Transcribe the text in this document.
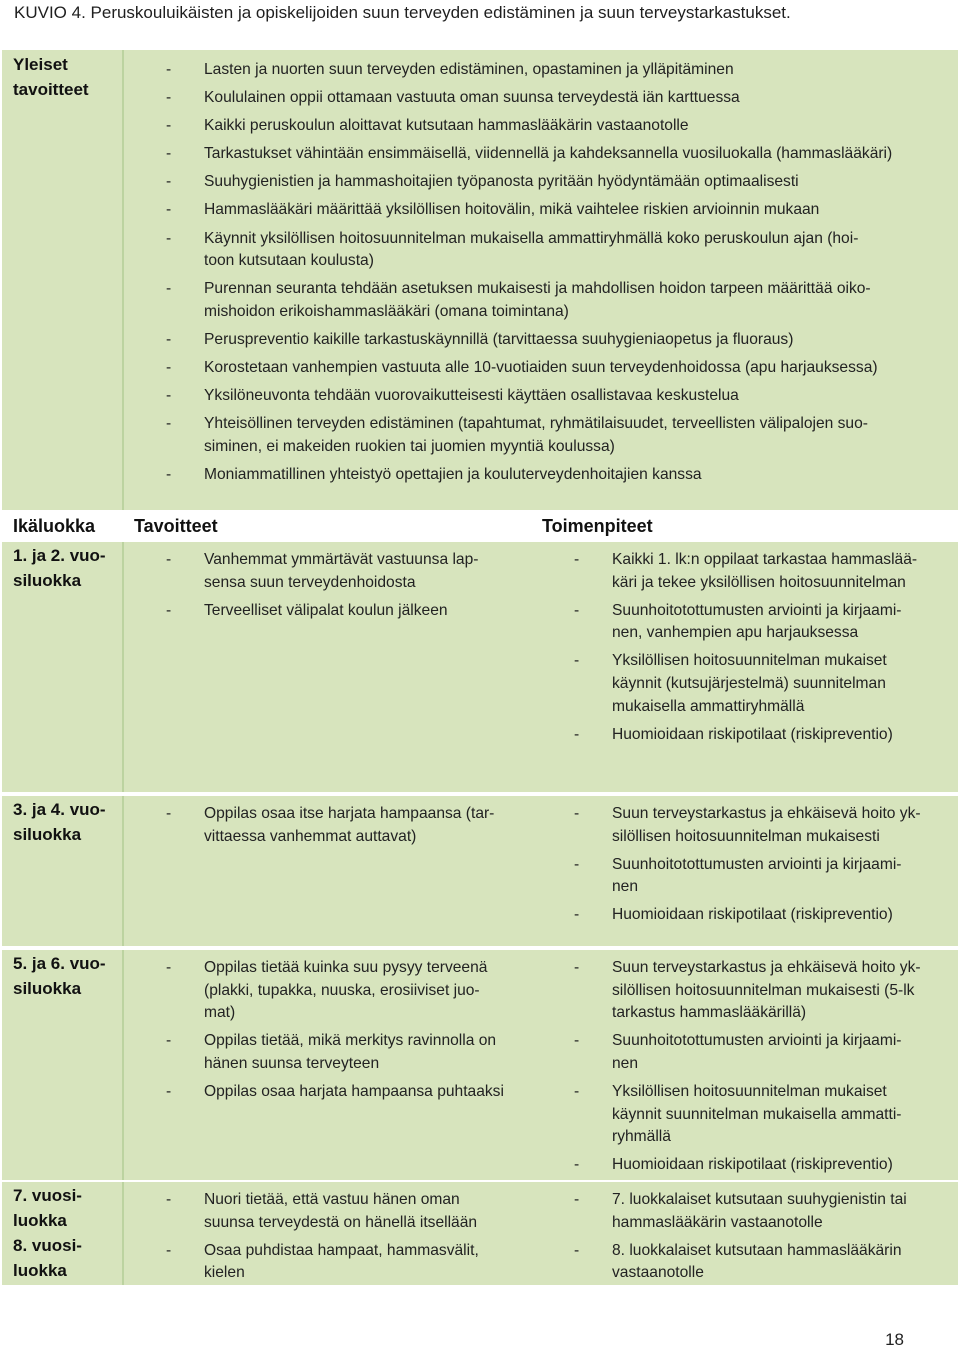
KUVIO 4. Peruskouluikäisten ja opiskelijoiden suun terveyden edistäminen ja suun terveystarkastukset.
Yleiset
tavoitteet
- Lasten ja nuorten suun terveyden edistäminen, opastaminen ja ylläpitäminen
- Koululainen oppii ottamaan vastuuta oman suunsa terveydestä iän karttuessa
- Kaikki peruskoulun aloittavat kutsutaan hammaslääkärin vastaanotolle
- Tarkastukset vähintään ensimmäisellä, viidennellä ja kahdeksannella vuosiluokalla (hammaslääkäri)
- Suuhygienistien ja hammashoitajien työpanosta pyritään hyödyntämään optimaalisesti
- Hammaslääkäri määrittää yksilöllisen hoitovälin, mikä vaihtelee riskien arvioinnin mukaan
- Käynnit yksilöllisen hoitosuunnitelman mukaisella ammattiryhmällä koko peruskoulun ajan (hoi-
toon kutsutaan koulusta)
- Purennan seuranta tehdään asetuksen mukaisesti ja mahdollisen hoidon tarpeen määrittää oiko-
mishoidon erikoishammaslääkäri (omana toimintana)
- Peruspreventio kaikille tarkastuskäynnillä (tarvittaessa suuhygieniaopetus ja fluoraus)
- Korostetaan vanhempien vastuuta alle 10-vuotiaiden suun terveydenhoidossa (apu harjauksessa)
- Yksilöneuvonta tehdään vuorovaikutteisesti käyttäen osallistavaa keskustelua
- Yhteisöllinen terveyden edistäminen (tapahtumat, ryhmätilaisuudet, terveellisten välipalojen suo-
siminen, ei makeiden ruokien tai juomien myyntiä koulussa)
- Moniammatillinen yhteistyö opettajien ja kouluterveydenhoitajien kanssa
Ikäluokka Tavoitteet	Toimenpiteet
1. ja 2. vuo-
siluokka
- Vanhemmat ymmärtävät vastuunsa lap-
sensa suun terveydenhoidosta
- Terveelliset välipalat koulun jälkeen
- Kaikki 1. lk:n oppilaat tarkastaa hammaslää-
käri ja tekee yksilöllisen hoitosuunnitelman
- Suunhoitotottumusten arviointi ja kirjaami-
nen, vanhempien apu harjauksessa
- Yksilöllisen hoitosuunnitelman mukaiset
käynnit (kutsujärjestelmä) suunnitelman
mukaisella ammattiryhmällä
- Huomioidaan riskipotilaat (riskipreventio)
3. ja 4. vuo-
siluokka
- Oppilas osaa itse harjata hampaansa (tar-
vittaessa vanhemmat auttavat)
- Suun terveystarkastus ja ehkäisevä hoito yk-
silöllisen hoitosuunnitelman mukaisesti
- Suunhoitotottumusten arviointi ja kirjaami-
nen
- Huomioidaan riskipotilaat (riskipreventio)
5. ja 6. vuo-
siluokka
- Oppilas tietää kuinka suu pysyy terveenä
(plakki, tupakka, nuuska, erosiiviset juo-
mat)
- Oppilas tietää, mikä merkitys ravinnolla on
hänen suunsa terveyteen
- Oppilas osaa harjata hampaansa puhtaaksi
- Suun terveystarkastus ja ehkäisevä hoito yk-
silöllisen hoitosuunnitelman mukaisesti (5-lk
tarkastus hammaslääkärillä)
- Suunhoitotottumusten arviointi ja kirjaami-
nen
- Yksilöllisen hoitosuunnitelman mukaiset
käynnit suunnitelman mukaisella ammatti-
ryhmällä
- Huomioidaan riskipotilaat (riskipreventio)
7. vuosi-
luokka
8. vuosi-
luokka
- Nuori tietää, että vastuu hänen oman
suunsa terveydestä on hänellä itsellään
- Osaa puhdistaa hampaat, hammasvälit,
kielen
- 7. luokkalaiset kutsutaan suuhygienistin tai
hammaslääkärin vastaanotolle
- 8. luokkalaiset kutsutaan hammaslääkärin
vastaanotolle
18
